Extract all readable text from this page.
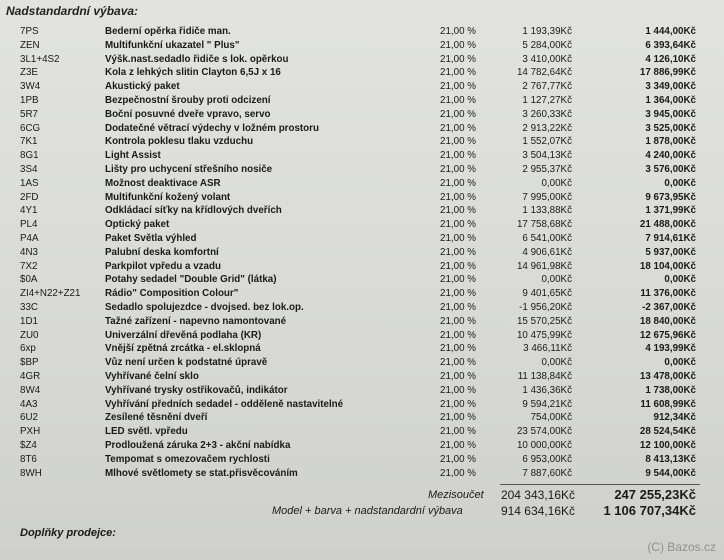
Nadstandardní výbava:
7PS	Bederní opěrka řidiče man.	21,00 %	1 193,39Kč	1 444,00Kč
ZEN	Multifunkční ukazatel " Plus"	21,00 %	5 284,00Kč	6 393,64Kč
3L1+4S2	Výšk.nast.sedadlo řidiče s lok. opěrkou	21,00 %	3 410,00Kč	4 126,10Kč
Z3E	Kola z lehkých slitin Clayton 6,5J x 16	21,00 %	14 782,64Kč	17 886,99Kč
3W4	Akustický paket	21,00 %	2 767,77Kč	3 349,00Kč
1PB	Bezpečnostní šrouby proti odcizení	21,00 %	1 127,27Kč	1 364,00Kč
5R7	Boční posuvné dveře vpravo, servo	21,00 %	3 260,33Kč	3 945,00Kč
6CG	Dodatečné větrací výdechy v ložném prostoru	21,00 %	2 913,22Kč	3 525,00Kč
7K1	Kontrola poklesu tlaku vzduchu	21,00 %	1 552,07Kč	1 878,00Kč
8G1	Light Assist	21,00 %	3 504,13Kč	4 240,00Kč
3S4	Lišty pro uchycení střešního nosiče	21,00 %	2 955,37Kč	3 576,00Kč
1AS	Možnost deaktivace ASR	21,00 %	0,00Kč	0,00Kč
2FD	Multifunkční kožený volant	21,00 %	7 995,00Kč	9 673,95Kč
4Y1	Odkládací síťky na křídlových dveřích	21,00 %	1 133,88Kč	1 371,99Kč
PL4	Optický paket	21,00 %	17 758,68Kč	21 488,00Kč
P4A	Paket Světla výhled	21,00 %	6 541,00Kč	7 914,61Kč
4N3	Palubní deska komfortní	21,00 %	4 906,61Kč	5 937,00Kč
7X2	Parkpilot vpředu a vzadu	21,00 %	14 961,98Kč	18 104,00Kč
$0A	Potahy sedadel "Double Grid" (látka)	21,00 %	0,00Kč	0,00Kč
ZI4+N22+Z21	Rádio" Composition Colour"	21,00 %	9 401,65Kč	11 376,00Kč
33C	Sedadlo spolujezdce - dvojsed. bez lok.op.	21,00 %	-1 956,20Kč	-2 367,00Kč
1D1	Tažné zařízení - napevno namontované	21,00 %	15 570,25Kč	18 840,00Kč
ZU0	Univerzální dřevěná podlaha (KR)	21,00 %	10 475,99Kč	12 675,96Kč
6xp	Vnější zpětná zrcátka - el.sklopná	21,00 %	3 466,11Kč	4 193,99Kč
$BP	Vůz není určen k podstatné úpravě	21,00 %	0,00Kč	0,00Kč
4GR	Vyhřívané čelní sklo	21,00 %	11 138,84Kč	13 478,00Kč
8W4	Vyhřívané trysky ostřikovačů, indikátor	21,00 %	1 436,36Kč	1 738,00Kč
4A3	Vyhřívání předních sedadel - odděleně nastavitelné	21,00 %	9 594,21Kč	11 608,99Kč
6U2	Zesílené těsnění dveří	21,00 %	754,00Kč	912,34Kč
PXH	LED světl. vpředu	21,00 %	23 574,00Kč	28 524,54Kč
$Z4	Prodloužená záruka 2+3 - akční nabídka	21,00 %	10 000,00Kč	12 100,00Kč
8T6	Tempomat s omezovačem rychlosti	21,00 %	6 953,00Kč	8 413,13Kč
8WH	Mlhové světlomety se stat.přisvěcováním	21,00 %	7 887,60Kč	9 544,00Kč
Mezisoučet	204 343,16Kč	247 255,23Kč
Model + barva + nadstandardní výbava	914 634,16Kč	1 106 707,34Kč
Doplňky prodejce:
(C) Bazos.cz
